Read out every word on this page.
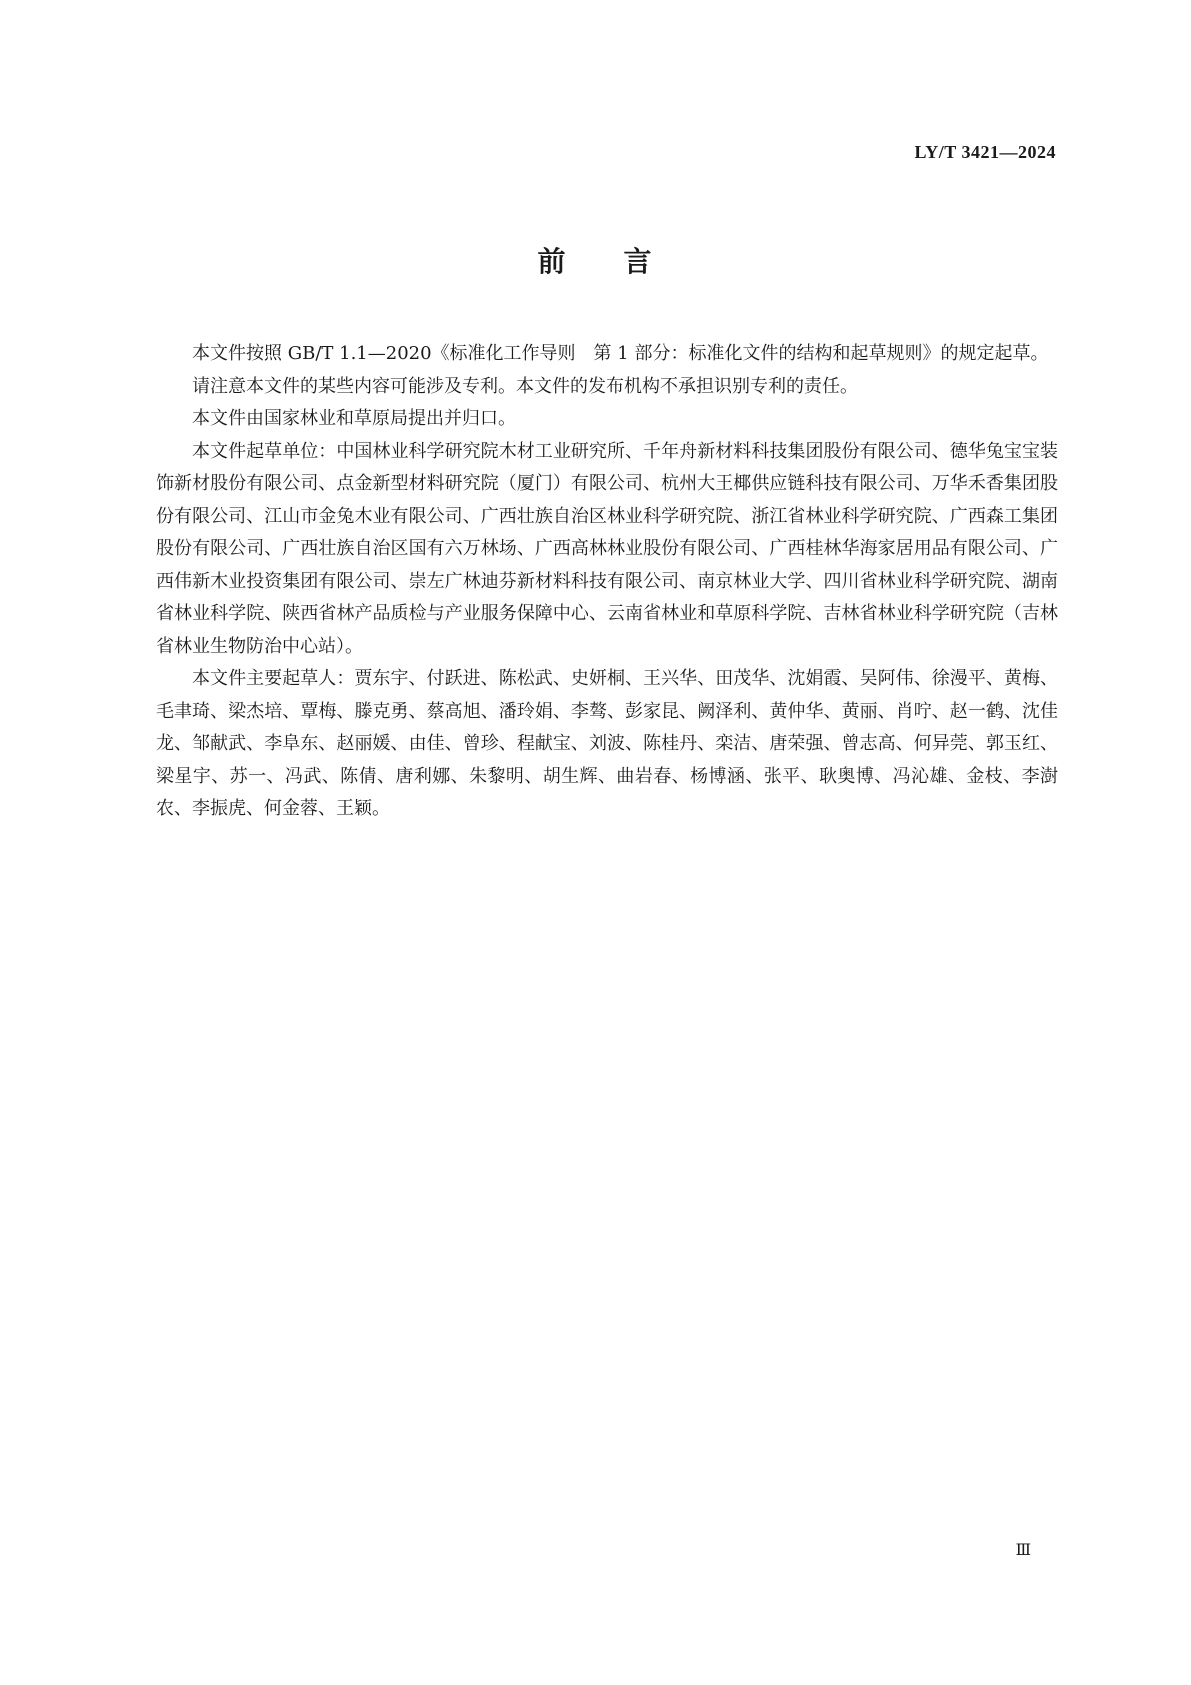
LY/T 3421—2024
前 言

本文件按照 GB/T 1.1—2020《标准化工作导则　第 1 部分：标准化文件的结构和起草规则》的规定起草。

请注意本文件的某些内容可能涉及专利。本文件的发布机构不承担识别专利的责任。

本文件由国家林业和草原局提出并归口。

本文件起草单位：中国林业科学研究院木材工业研究所、千年舟新材料科技集团股份有限公司、德华兔宝宝装饰新材股份有限公司、点金新型材料研究院（厦门）有限公司、杭州大王椰供应链科技有限公司、万华禾香集团股份有限公司、江山市金兔木业有限公司、广西壮族自治区林业科学研究院、浙江省林业科学研究院、广西森工集团股份有限公司、广西壮族自治区国有六万林场、广西高林林业股份有限公司、广西桂林华海家居用品有限公司、广西伟新木业投资集团有限公司、崇左广林迪芬新材料科技有限公司、南京林业大学、四川省林业科学研究院、湖南省林业科学院、陕西省林产品质检与产业服务保障中心、云南省林业和草原科学院、吉林省林业科学研究院（吉林省林业生物防治中心站）。

本文件主要起草人：贾东宇、付跃进、陈松武、史妍桐、王兴华、田茂华、沈娟霞、吴阿伟、徐漫平、黄梅、毛聿琦、梁杰培、覃梅、滕克勇、蔡高旭、潘玲娟、李骜、彭家昆、阙泽利、黄仲华、黄丽、肖咛、赵一鹤、沈佳龙、邹献武、李阜东、赵丽媛、由佳、曾珍、程献宝、刘波、陈桂丹、栾洁、唐荣强、曾志高、何异莞、郭玉红、梁星宇、苏一、冯武、陈倩、唐利娜、朱黎明、胡生辉、曲岩春、杨博涵、张平、耿奥博、冯沁雄、金枝、李澍农、李振虎、何金蓉、王颖。

Ⅲ
